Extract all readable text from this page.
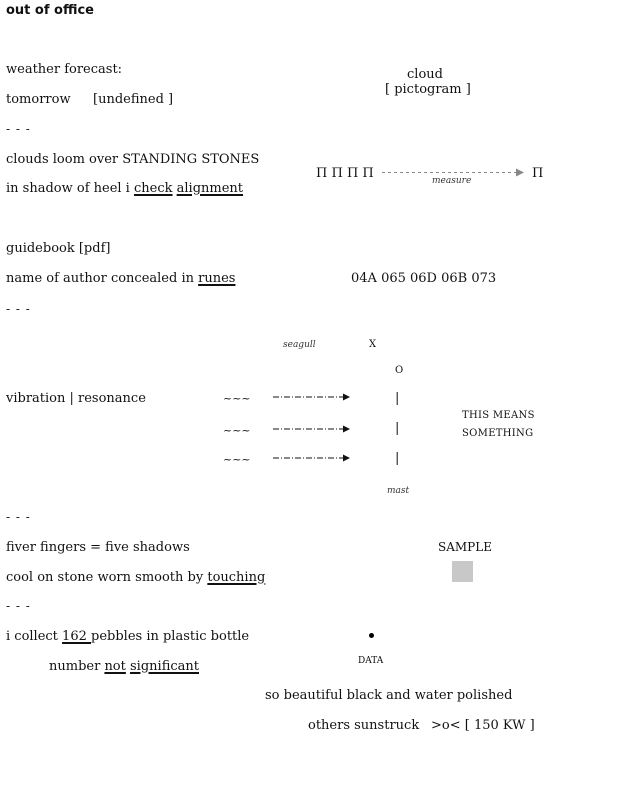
out of office
weather forecast:
tomorrow [undefined ]
cloud
[ pictogram ]
- - -
clouds loom over STANDING STONES
in shadow of heel i check alignment
Π Π Π Π	measure	Π
guidebook [pdf]
name of author concealed in runes	04A 065 06D 06B 073
- - -
seagull	X
O
vibration | resonance	~~~
~~~
~~~
|
|
|
mast
THIS MEANS
SOMETHING
- - -
fiver fingers = five shadows
cool on stone worn smooth by touching
SAMPLE
- - -
i collect 162 pebbles in plastic bottle
number not significant	DATA
so beautiful black and water polished
others sunstruck >o< [ 150 KW ]
